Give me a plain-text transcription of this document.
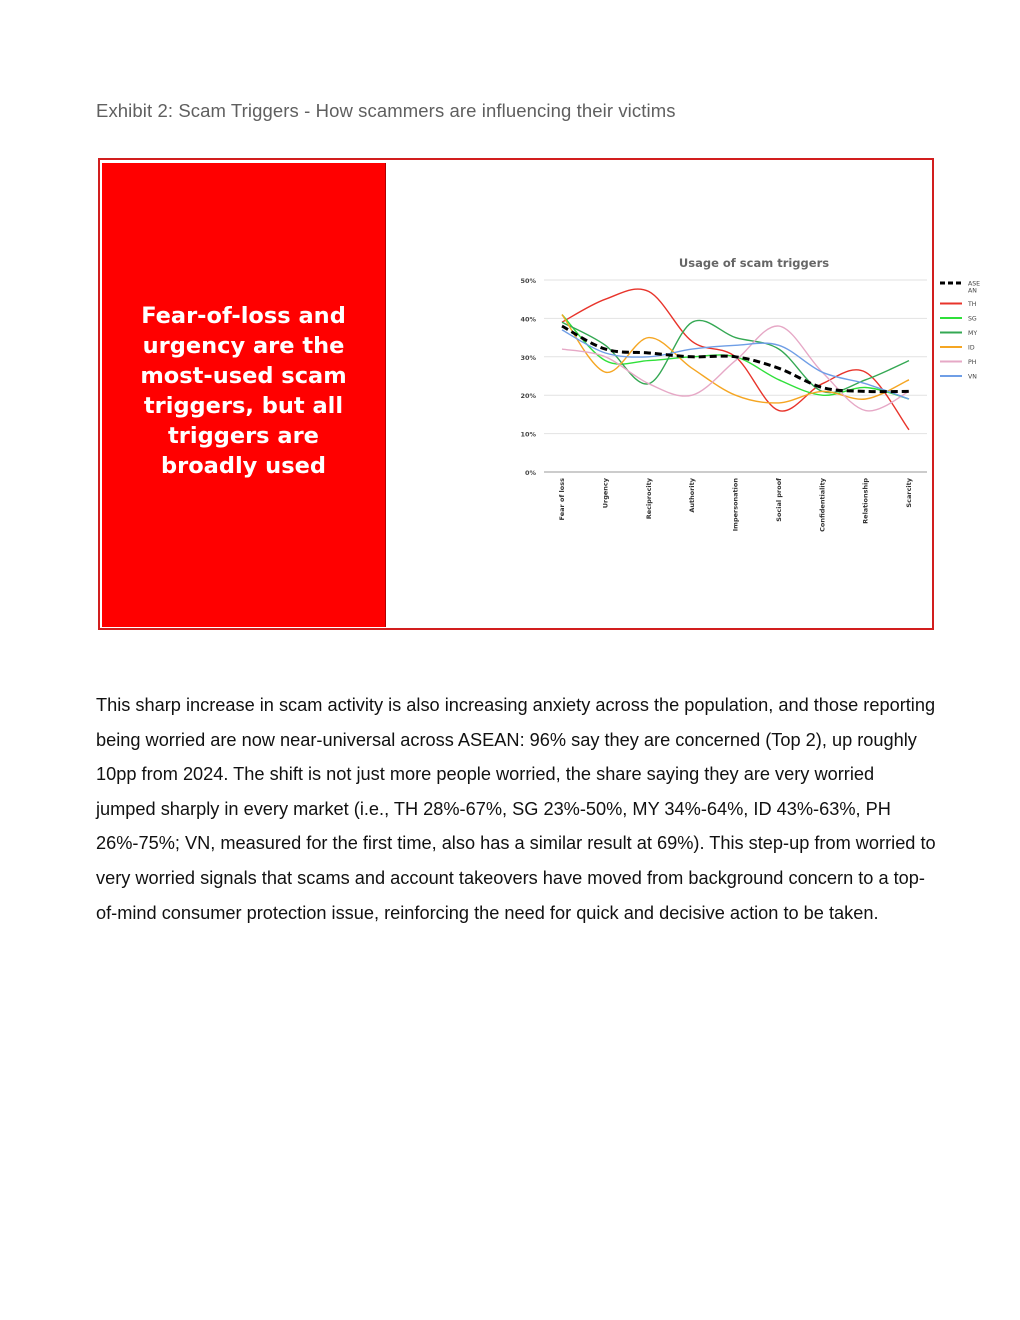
Exhibit 2: Scam Triggers - How scammers are influencing their victims
Fear-of-loss and urgency are the most-used scam triggers, but all triggers are broadly used
Usage of scam triggers
0%
10%
20%
30%
40%
50%
Fear of loss	Urgency	Reciprocity	Authority	Impersonation	Social proof	Confidentiality	Relationship	Scarcity
ASE
AN
TH
SG
MY
ID
PH
VN

This sharp increase in scam activity is also increasing anxiety across the population, and those reporting being worried are now near-universal across ASEAN: 96% say they are concerned (Top 2), up roughly 10pp from 2024. The shift is not just more people worried, the share saying they are very worried jumped sharply in every market (i.e., TH 28%-67%, SG 23%-50%, MY 34%-64%, ID 43%-63%, PH 26%-75%; VN, measured for the first time, also has a similar result at 69%). This step-up from worried to very worried signals that scams and account takeovers have moved from background concern to a top-of-mind consumer protection issue, reinforcing the need for quick and decisive action to be taken.
